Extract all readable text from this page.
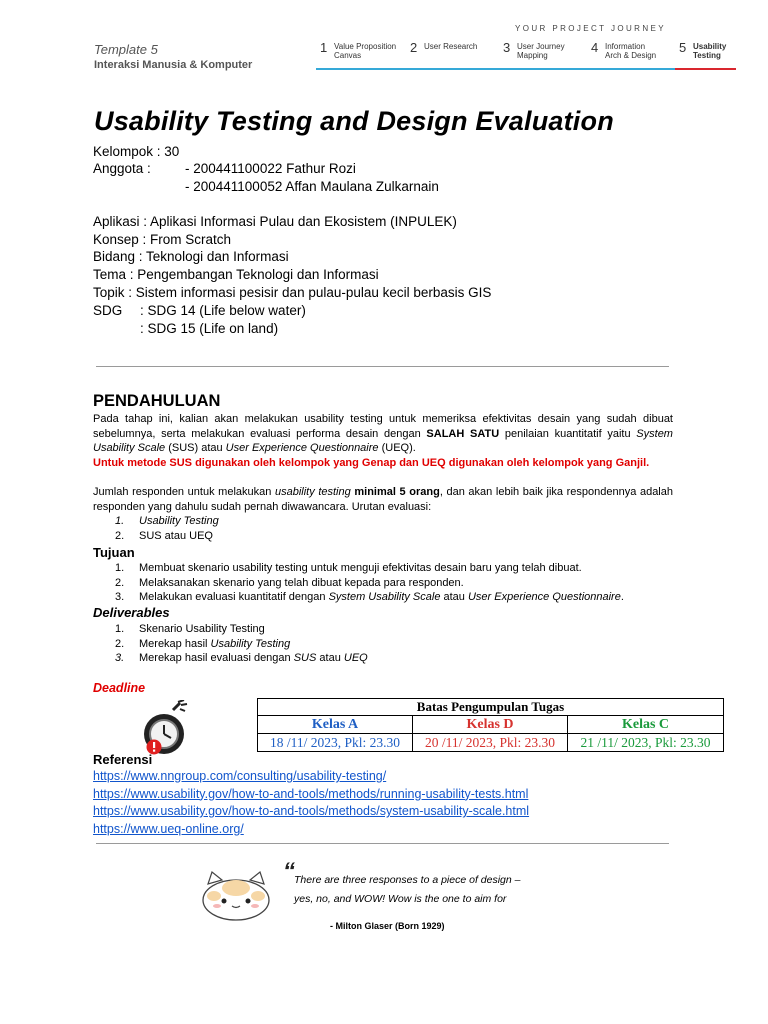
Template 5
Interaksi Manusia & Komputer
YOUR PROJECT JOURNEY
1 Value Proposition
Canvas
2 User Research 3 User Journey
Mapping
4 Information
Arch & Design
5 Usability
Testing
Usability Testing and Design Evaluation
Kelompok : 30
Anggota :	- 200441100022 Fathur Rozi
- 200441100052 Affan Maulana Zulkarnain
Aplikasi : Aplikasi Informasi Pulau dan Ekosistem (INPULEK)
Konsep : From Scratch
Bidang : Teknologi dan Informasi
Tema : Pengembangan Teknologi dan Informasi
Topik : Sistem informasi pesisir dan pulau-pulau kecil berbasis GIS
SDG : SDG 14 (Life below water)
: SDG 15 (Life on land)
PENDAHULUAN
Pada tahap ini, kalian akan melakukan usability testing untuk memeriksa efektivitas desain yang sudah dibuat sebelumnya, serta melakukan evaluasi performa desain dengan SALAH SATU penilaian kuantitatif yaitu System Usability Scale (SUS) atau User Experience Questionnaire (UEQ).
Untuk metode SUS digunakan oleh kelompok yang Genap dan UEQ digunakan oleh kelompok yang Ganjil.
Jumlah responden untuk melakukan usability testing minimal 5 orang, dan akan lebih baik jika respondennya adalah responden yang dahulu sudah pernah diwawancara. Urutan evaluasi:
1. Usability Testing
2. SUS atau UEQ
Tujuan
1. Membuat skenario usability testing untuk menguji efektivitas desain baru yang telah dibuat.
2. Melaksanakan skenario yang telah dibuat kepada para responden.
3. Melakukan evaluasi kuantitatif dengan System Usability Scale atau User Experience Questionnaire.
Deliverables
1. Skenario Usability Testing
2. Merekap hasil Usability Testing
3. Merekap hasil evaluasi dengan SUS atau UEQ
Deadline
Batas Pengumpulan Tugas		
Kelas A	Kelas D	Kelas C
18 /11/ 2023, Pkl: 23.30	20 /11/ 2023, Pkl: 23.30	21 /11/ 2023, Pkl: 23.30
Referensi
https://www.nngroup.com/consulting/usability-testing/
https://www.usability.gov/how-to-and-tools/methods/running-usability-tests.html
https://www.usability.gov/how-to-and-tools/methods/system-usability-scale.html
https://www.ueq-online.org/
“ There are three responses to a piece of design –
yes, no, and WOW! Wow is the one to aim for
- Milton Glaser (Born 1929)
